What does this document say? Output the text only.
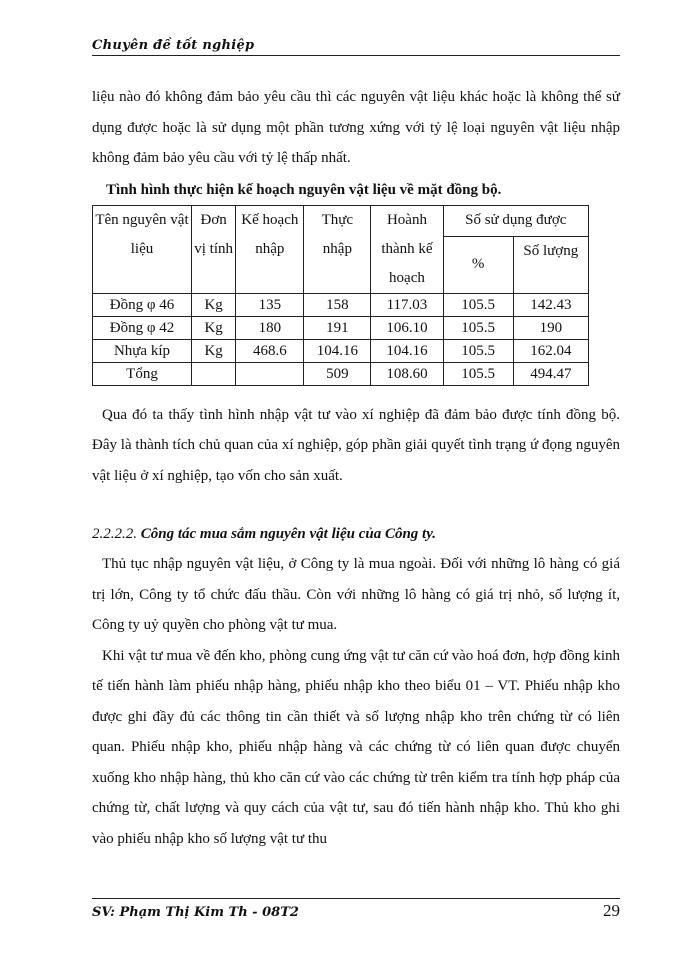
Chuyên đề tốt nghiệp

liệu nào đó không đảm bảo yêu cầu thì các nguyên vật liệu khác hoặc là không thể sử dụng được hoặc là sử dụng một phần tương xứng với tỷ lệ loại nguyên vật liệu nhập không đảm bảo yêu cầu với tỷ lệ thấp nhất.

Tình hình thực hiện kế hoạch nguyên vật liệu về mặt đồng bộ.
Tên nguyên vật liệu	Đơn vị tính	Kế hoạch nhập	Thực nhập	Hoành thành kế hoạch	Số sử dụng được	
					%	Số lượng
Đồng φ 46	Kg	135	158	117.03	105.5	142.43
Đồng φ 42	Kg	180	191	106.10	105.5	190
Nhựa kíp	Kg	468.6	104.16	104.16	105.5	162.04
Tổng			509	108.60	105.5	494.47

Qua đó ta thấy tình hình nhập vật tư vào xí nghiệp đã đảm bảo được tính đồng bộ. Đây là thành tích chủ quan của xí nghiệp, góp phần giải quyết tình trạng ứ đọng nguyên vật liệu ở xí nghiệp, tạo vốn cho sản xuất.

2.2.2.2. Công tác mua sắm nguyên vật liệu của Công ty.

Thủ tục nhập nguyên vật liệu, ở Công ty là mua ngoài. Đối với những lô hàng có giá trị lớn, Công ty tổ chức đấu thầu. Còn với những lô hàng có giá trị nhỏ, số lượng ít, Công ty uỷ quyền cho phòng vật tư mua.

Khi vật tư mua về đến kho, phòng cung ứng vật tư căn cứ vào hoá đơn, hợp đồng kinh tế tiến hành làm phiếu nhập hàng, phiếu nhập kho theo biểu 01 – VT. Phiếu nhập kho được ghi đầy đủ các thông tin cần thiết và số lượng nhập kho trên chứng từ có liên quan. Phiếu nhập kho, phiếu nhập hàng và các chứng từ có liên quan được chuyển xuống kho nhập hàng, thủ kho căn cứ vào các chứng từ trên kiểm tra tính hợp pháp của chứng từ, chất lượng và quy cách của vật tư, sau đó tiến hành nhập kho. Thủ kho ghi vào phiếu nhập kho số lượng vật tư thu

SV: Phạm Thị Kim Th - 08T2	29
